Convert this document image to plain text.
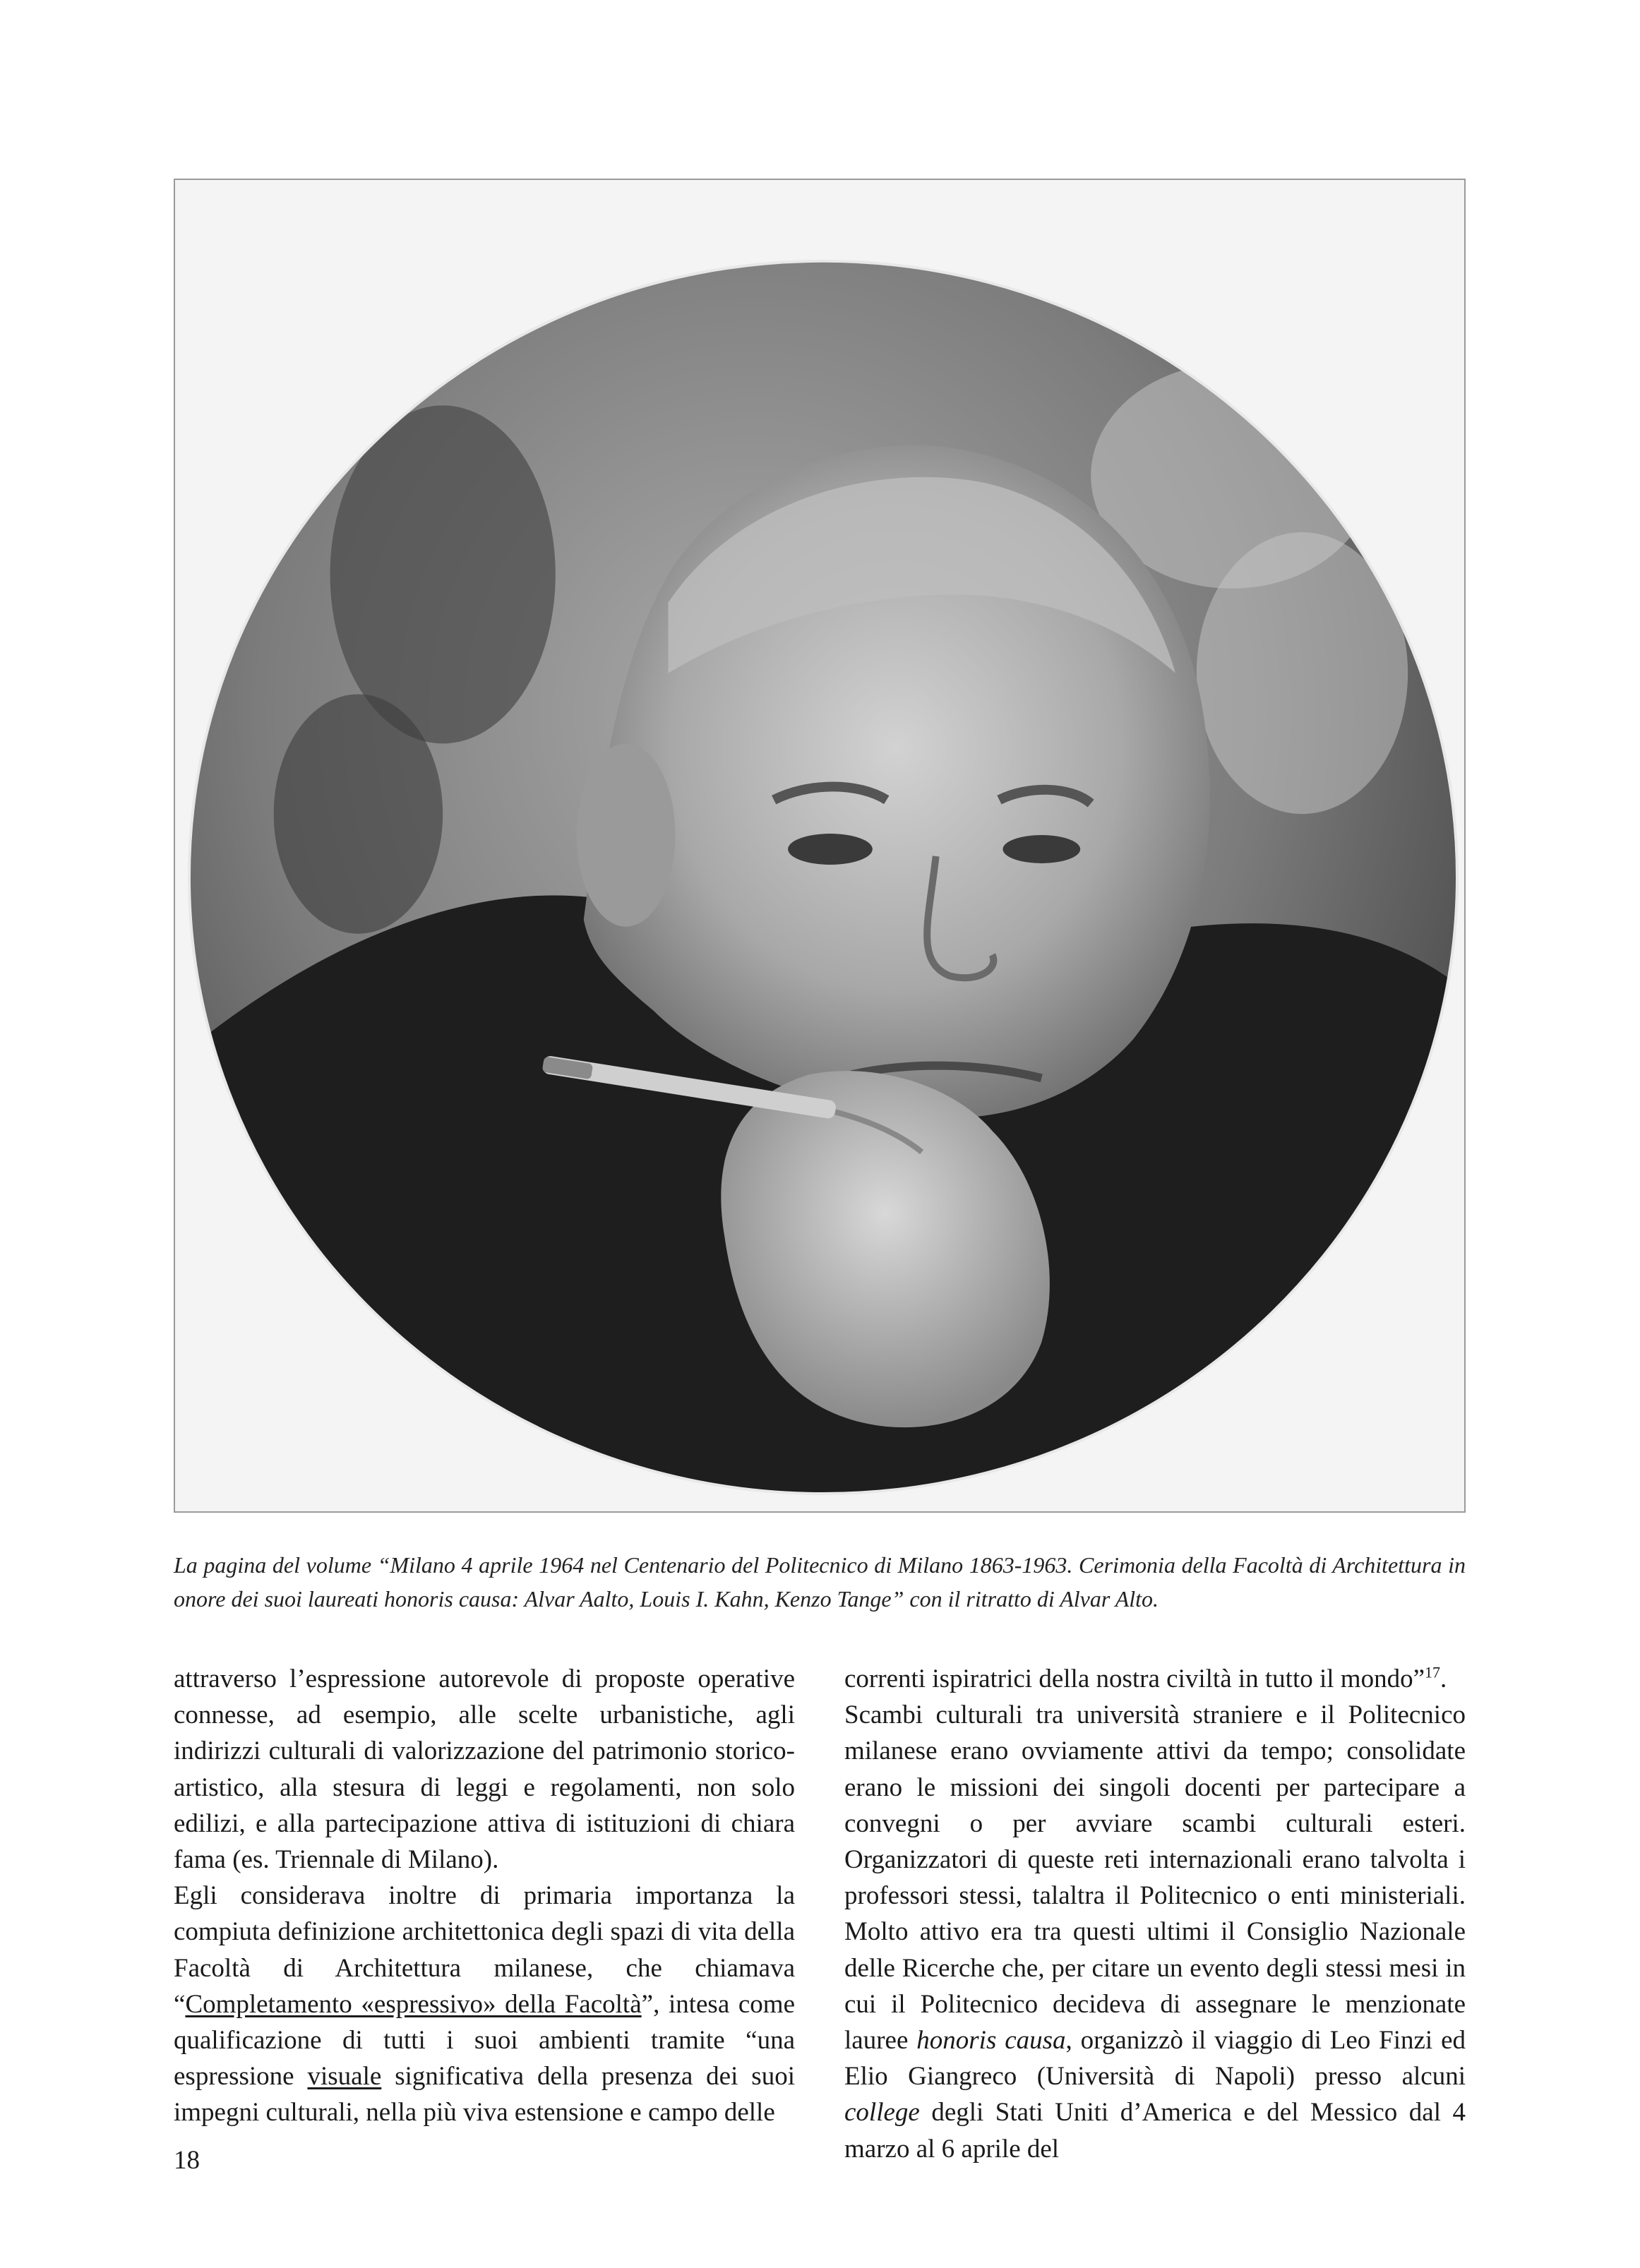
La pagina del volume “Milano 4 aprile 1964 nel Centenario del Politecnico di Milano 1863-1963. Cerimonia della Facoltà di Architettura in onore dei suoi laureati honoris causa: Alvar Aalto, Louis I. Kahn, Kenzo Tange” con il ritratto di Alvar Alto.

attraverso l’espressione autorevole di proposte operative connesse, ad esempio, alle scelte urbanistiche, agli indirizzi culturali di valorizzazione del patrimonio storico-artistico, alla stesura di leggi e regolamenti, non solo edilizi, e alla partecipazione attiva di istituzioni di chiara fama (es. Triennale di Milano).

Egli considerava inoltre di primaria importanza la compiuta definizione architettonica degli spazi di vita della Facoltà di Architettura milanese, che chiamava “Completamento «espressivo» della Facoltà”, intesa come qualificazione di tutti i suoi ambienti tramite “una espressione visuale significativa della presenza dei suoi impegni culturali, nella più viva estensione e campo delle

correnti ispiratrici della nostra civiltà in tutto il mondo”$^{17}$.

Scambi culturali tra università straniere e il Politecnico milanese erano ovviamente attivi da tempo; consolidate erano le missioni dei singoli docenti per partecipare a convegni o per avviare scambi culturali esteri. Organizzatori di queste reti internazionali erano talvolta i professori stessi, talaltra il Politecnico o enti ministeriali. Molto attivo era tra questi ultimi il Consiglio Nazionale delle Ricerche che, per citare un evento degli stessi mesi in cui il Politecnico decideva di assegnare le menzionate lauree honoris causa, organizzò il viaggio di Leo Finzi ed Elio Giangreco (Università di Napoli) presso alcuni college degli Stati Uniti d’America e del Messico dal 4 marzo al 6 aprile del

18
